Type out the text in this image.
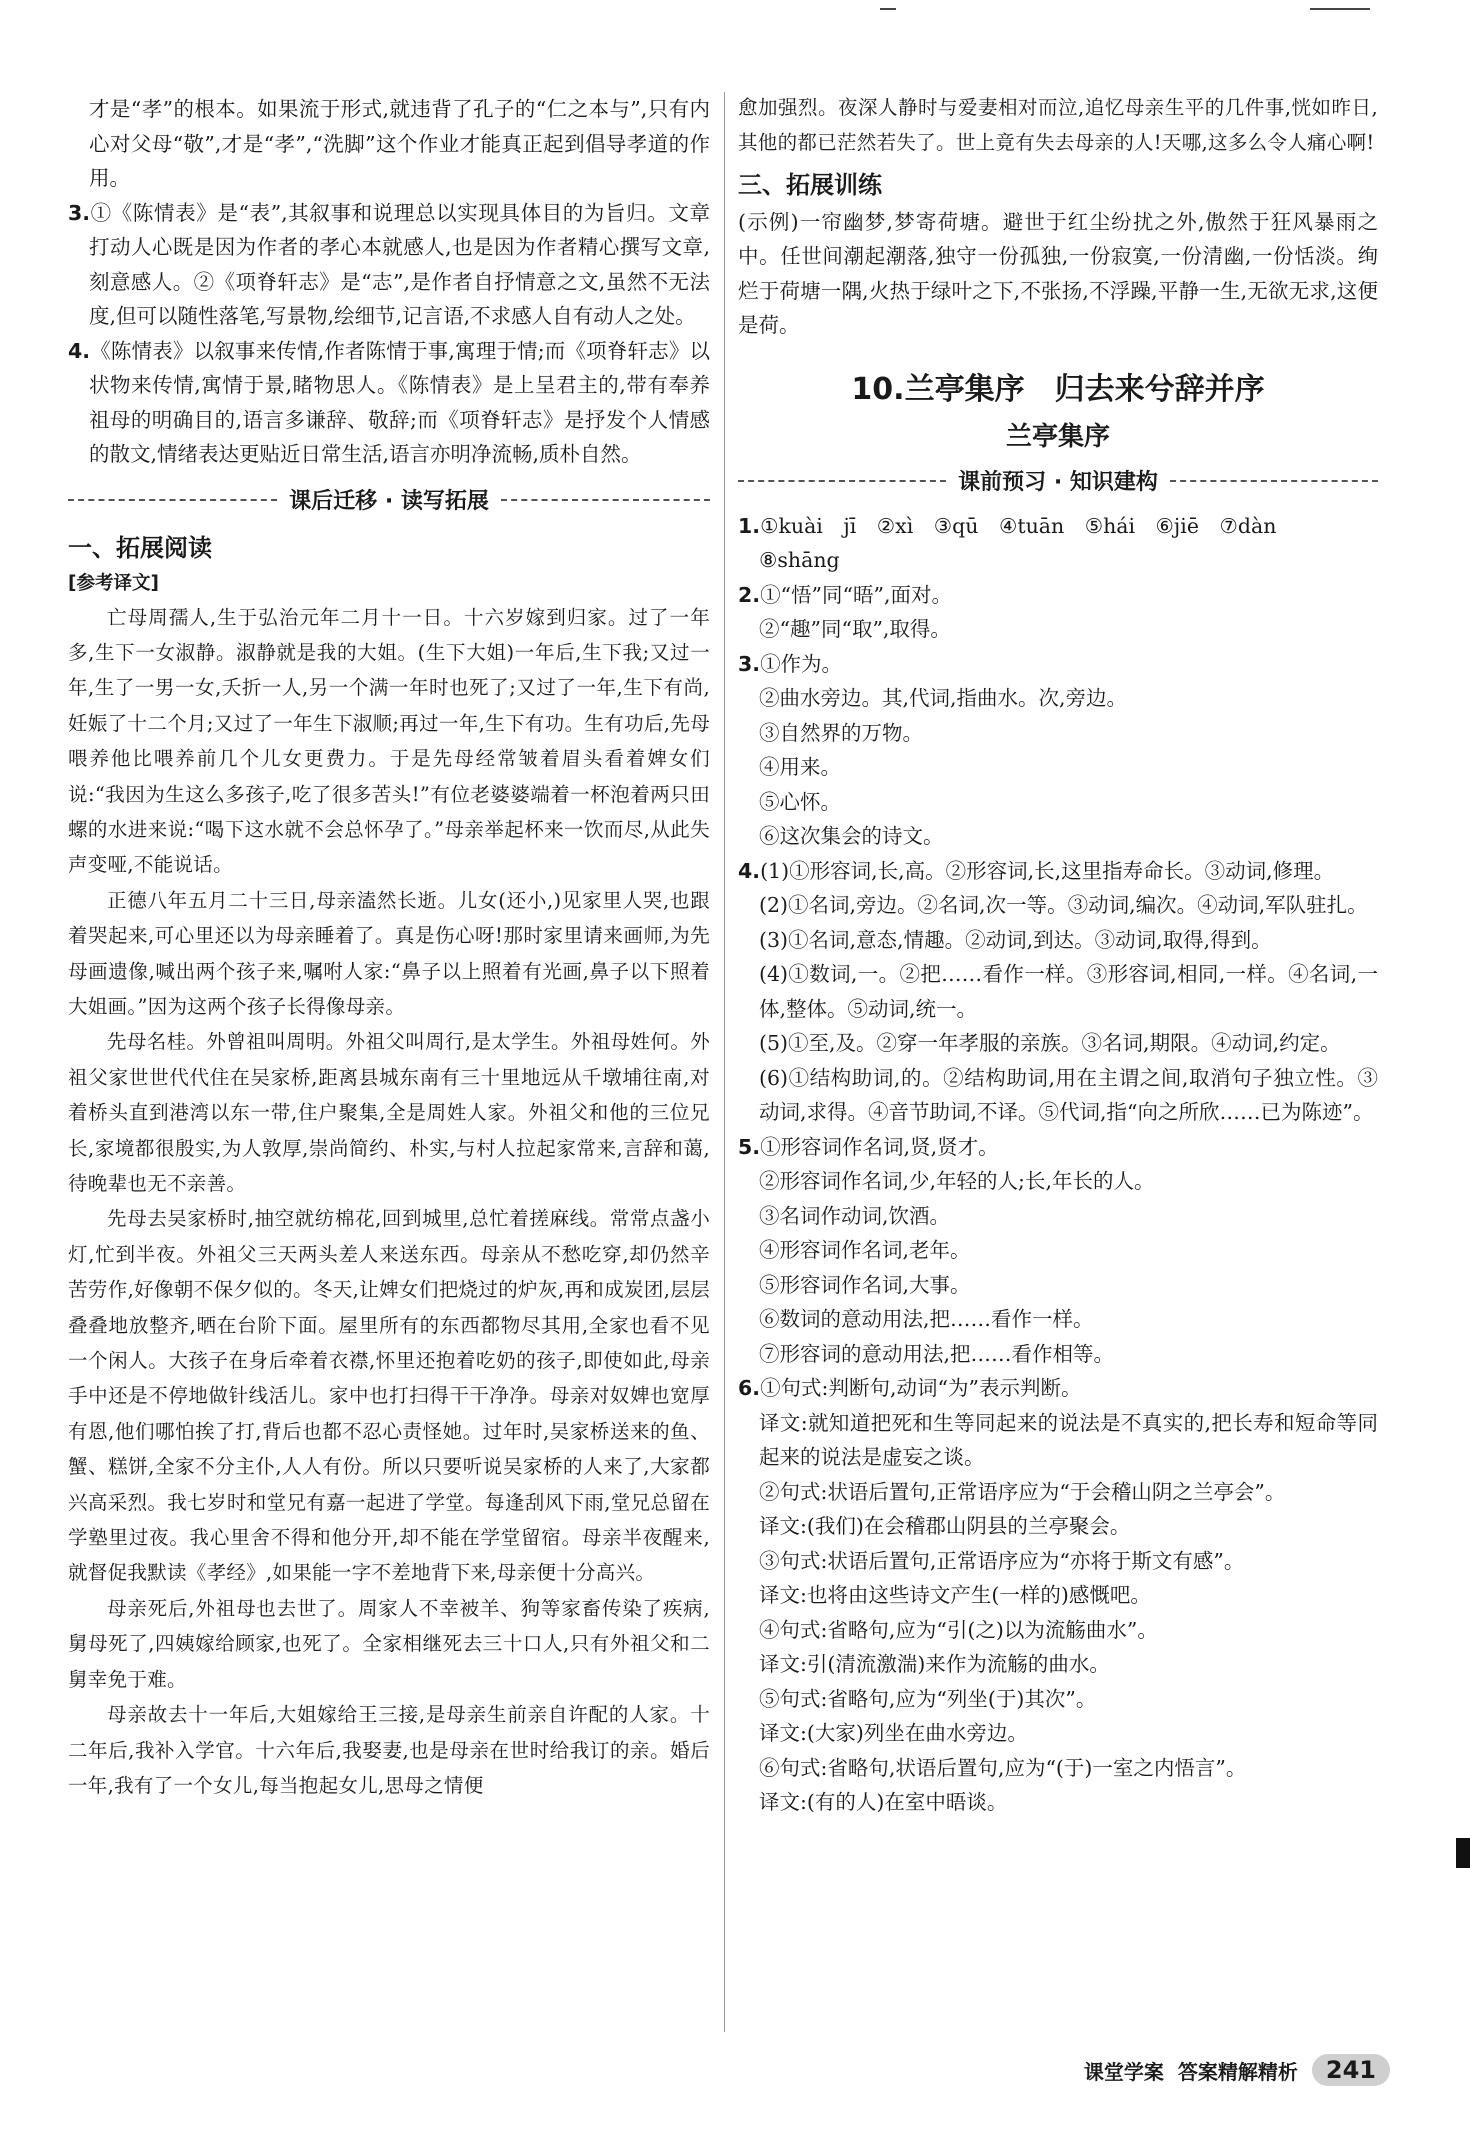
才是“孝”的根本。如果流于形式,就违背了孔子的“仁之本与”,只有内心对父母“敬”,才是“孝”,“洗脚”这个作业才能真正起到倡导孝道的作用。

3.①《陈情表》是“表”,其叙事和说理总以实现具体目的为旨归。文章打动人心既是因为作者的孝心本就感人,也是因为作者精心撰写文章,刻意感人。②《项脊轩志》是“志”,是作者自抒情意之文,虽然不无法度,但可以随性落笔,写景物,绘细节,记言语,不求感人自有动人之处。

4.《陈情表》以叙事来传情,作者陈情于事,寓理于情;而《项脊轩志》以状物来传情,寓情于景,睹物思人。《陈情表》是上呈君主的,带有奉养祖母的明确目的,语言多谦辞、敬辞;而《项脊轩志》是抒发个人情感的散文,情绪表达更贴近日常生活,语言亦明净流畅,质朴自然。

课后迁移 · 读写拓展

一、拓展阅读

[参考译文]

亡母周孺人,生于弘治元年二月十一日。十六岁嫁到归家。过了一年多,生下一女淑静。淑静就是我的大姐。(生下大姐)一年后,生下我;又过一年,生了一男一女,夭折一人,另一个满一年时也死了;又过了一年,生下有尚,妊娠了十二个月;又过了一年生下淑顺;再过一年,生下有功。生有功后,先母喂养他比喂养前几个儿女更费力。于是先母经常皱着眉头看着婢女们说:“我因为生这么多孩子,吃了很多苦头!”有位老婆婆端着一杯泡着两只田螺的水进来说:“喝下这水就不会总怀孕了。”母亲举起杯来一饮而尽,从此失声变哑,不能说话。

正德八年五月二十三日,母亲溘然长逝。儿女(还小,)见家里人哭,也跟着哭起来,可心里还以为母亲睡着了。真是伤心呀!那时家里请来画师,为先母画遗像,喊出两个孩子来,嘱咐人家:“鼻子以上照着有光画,鼻子以下照着大姐画。”因为这两个孩子长得像母亲。

先母名桂。外曾祖叫周明。外祖父叫周行,是太学生。外祖母姓何。外祖父家世世代代住在吴家桥,距离县城东南有三十里地远从千墩埔往南,对着桥头直到港湾以东一带,住户聚集,全是周姓人家。外祖父和他的三位兄长,家境都很殷实,为人敦厚,崇尚简约、朴实,与村人拉起家常来,言辞和蔼,待晚辈也无不亲善。

先母去吴家桥时,抽空就纺棉花,回到城里,总忙着搓麻线。常常点盏小灯,忙到半夜。外祖父三天两头差人来送东西。母亲从不愁吃穿,却仍然辛苦劳作,好像朝不保夕似的。冬天,让婢女们把烧过的炉灰,再和成炭团,层层叠叠地放整齐,晒在台阶下面。屋里所有的东西都物尽其用,全家也看不见一个闲人。大孩子在身后牵着衣襟,怀里还抱着吃奶的孩子,即使如此,母亲手中还是不停地做针线活儿。家中也打扫得干干净净。母亲对奴婢也宽厚有恩,他们哪怕挨了打,背后也都不忍心责怪她。过年时,吴家桥送来的鱼、蟹、糕饼,全家不分主仆,人人有份。所以只要听说吴家桥的人来了,大家都兴高采烈。我七岁时和堂兄有嘉一起进了学堂。每逢刮风下雨,堂兄总留在学塾里过夜。我心里舍不得和他分开,却不能在学堂留宿。母亲半夜醒来,就督促我默读《孝经》,如果能一字不差地背下来,母亲便十分高兴。

母亲死后,外祖母也去世了。周家人不幸被羊、狗等家畜传染了疾病,舅母死了,四姨嫁给顾家,也死了。全家相继死去三十口人,只有外祖父和二舅幸免于难。

母亲故去十一年后,大姐嫁给王三接,是母亲生前亲自许配的人家。十二年后,我补入学官。十六年后,我娶妻,也是母亲在世时给我订的亲。婚后一年,我有了一个女儿,每当抱起女儿,思母之情便

愈加强烈。夜深人静时与爱妻相对而泣,追忆母亲生平的几件事,恍如昨日,其他的都已茫然若失了。世上竟有失去母亲的人!天哪,这多么令人痛心啊!

三、拓展训练

(示例)一帘幽梦,梦寄荷塘。避世于红尘纷扰之外,傲然于狂风暴雨之中。任世间潮起潮落,独守一份孤独,一份寂寞,一份清幽,一份恬淡。绚烂于荷塘一隅,火热于绿叶之下,不张扬,不浮躁,平静一生,无欲无求,这便是荷。

10.兰亭集序　归去来兮辞并序

兰亭集序

课前预习 · 知识建构

1.①kuài　jī　②xì　③qū　④tuān　⑤hái　⑥jiē　⑦dàn

⑧shāng

2.①“悟”同“晤”,面对。

②“趣”同“取”,取得。

3.①作为。

②曲水旁边。其,代词,指曲水。次,旁边。

③自然界的万物。

④用来。

⑤心怀。

⑥这次集会的诗文。

4.(1)①形容词,长,高。②形容词,长,这里指寿命长。③动词,修理。

(2)①名词,旁边。②名词,次一等。③动词,编次。④动词,军队驻扎。

(3)①名词,意态,情趣。②动词,到达。③动词,取得,得到。

(4)①数词,一。②把……看作一样。③形容词,相同,一样。④名词,一体,整体。⑤动词,统一。

(5)①至,及。②穿一年孝服的亲族。③名词,期限。④动词,约定。

(6)①结构助词,的。②结构助词,用在主谓之间,取消句子独立性。③动词,求得。④音节助词,不译。⑤代词,指“向之所欣……已为陈迹”。

5.①形容词作名词,贤,贤才。

②形容词作名词,少,年轻的人;长,年长的人。

③名词作动词,饮酒。

④形容词作名词,老年。

⑤形容词作名词,大事。

⑥数词的意动用法,把……看作一样。

⑦形容词的意动用法,把……看作相等。

6.①句式:判断句,动词“为”表示判断。

译文:就知道把死和生等同起来的说法是不真实的,把长寿和短命等同起来的说法是虚妄之谈。

②句式:状语后置句,正常语序应为“于会稽山阴之兰亭会”。

译文:(我们)在会稽郡山阴县的兰亭聚会。

③句式:状语后置句,正常语序应为“亦将于斯文有感”。

译文:也将由这些诗文产生(一样的)感慨吧。

④句式:省略句,应为“引(之)以为流觞曲水”。

译文:引(清流激湍)来作为流觞的曲水。

⑤句式:省略句,应为“列坐(于)其次”。

译文:(大家)列坐在曲水旁边。

⑥句式:省略句,状语后置句,应为“(于)一室之内悟言”。

译文:(有的人)在室中晤谈。

课堂学案 答案精解精析	241
